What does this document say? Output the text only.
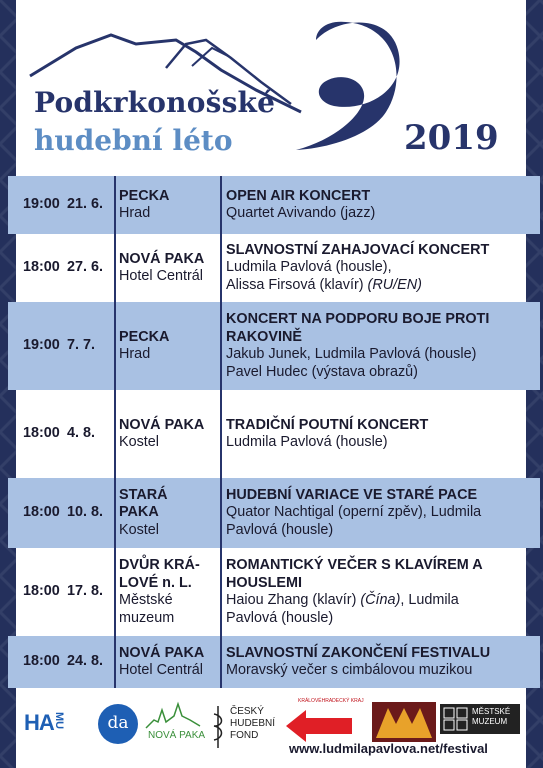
Podkrkonošské
hudební léto	2019
19:00 21. 6.
PECKA
Hrad
OPEN AIR KONCERT
Quartet Avivando (jazz)
18:00 27. 6.
NOVÁ PAKA
Hotel Centrál
SLAVNOSTNÍ ZAHAJOVACÍ KONCERT
Ludmila Pavlová (housle),
Alissa Firsová (klavír) (RU/EN)
19:00 7. 7.
PECKA
Hrad
KONCERT NA PODPORU BOJE PROTI
RAKOVINĚ
Jakub Junek, Ludmila Pavlová (housle)
Pavel Hudec (výstava obrazů)
18:00 4. 8.
NOVÁ PAKA
Kostel
TRADIČNÍ POUTNÍ KONCERT
Ludmila Pavlová (housle)
18:00 10. 8.
STARÁ
PAKA
Kostel
HUDEBNÍ VARIACE VE STARÉ PACE
Quator Nachtigal (operní zpěv), Ludmila
Pavlová (housle)
18:00 17. 8.
DVŮR KRÁ-
LOVÉ n. L.
Městské
muzeum
ROMANTICKÝ VEČER S KLAVÍREM A
HOUSLEMI
Haiou Zhang (klavír) (Čína), Ludmila
Pavlová (housle)
18:00 24. 8.
NOVÁ PAKA
Hotel Centrál
SLAVNOSTNÍ ZAKONČENÍ FESTIVALU
Moravský večer s cimbálovou muzikou
HA MU	da
NOVÁ PAKA
ČESKÝ
HUDEBNÍ
FOND
KRÁLOVÉHRADECKÝ KRAJ
MĚSTSKÉ
MUZEUM
www.ludmilapavlova.net/festival
